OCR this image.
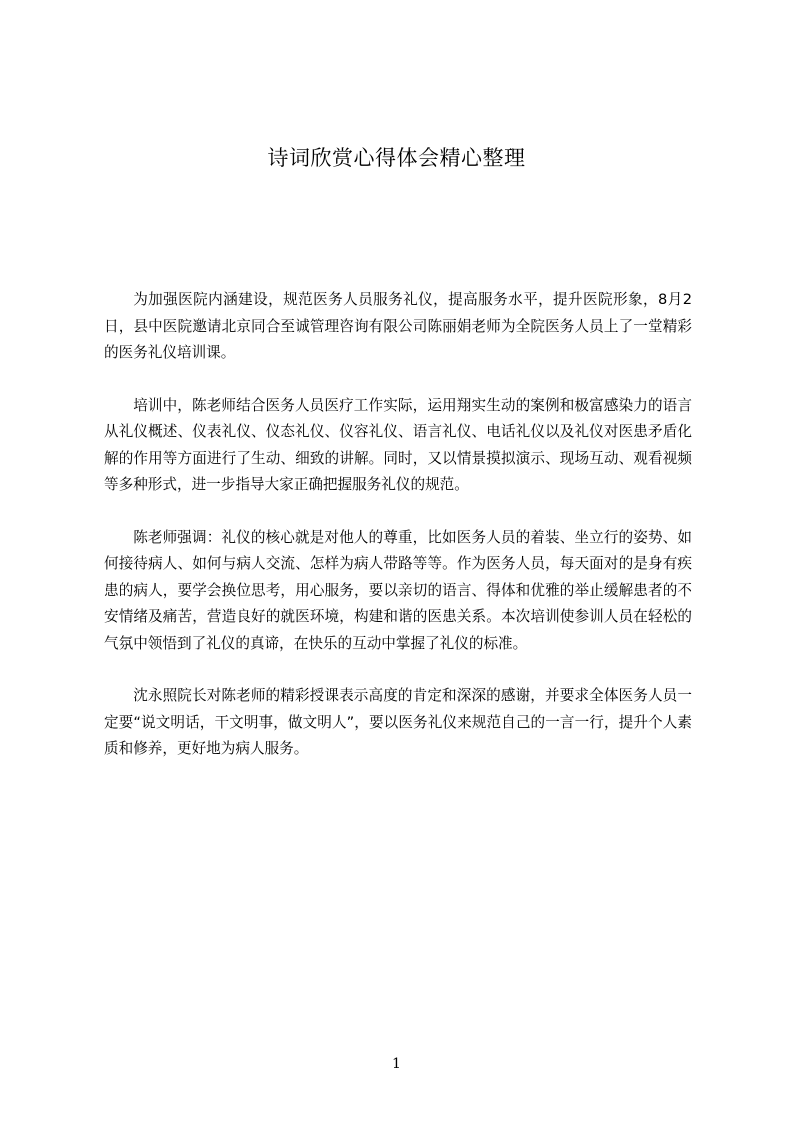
诗词欣赏心得体会精心整理

为加强医院内涵建设，规范医务人员服务礼仪，提高服务水平，提升医院形象，8月2日，县中医院邀请北京同合至诚管理咨询有限公司陈丽娟老师为全院医务人员上了一堂精彩的医务礼仪培训课。

培训中，陈老师结合医务人员医疗工作实际，运用翔实生动的案例和极富感染力的语言从礼仪概述、仪表礼仪、仪态礼仪、仪容礼仪、语言礼仪、电话礼仪以及礼仪对医患矛盾化解的作用等方面进行了生动、细致的讲解。同时，又以情景摸拟演示、现场互动、观看视频等多种形式，进一步指导大家正确把握服务礼仪的规范。

陈老师强调：礼仪的核心就是对他人的尊重，比如医务人员的着装、坐立行的姿势、如何接待病人、如何与病人交流、怎样为病人带路等等。作为医务人员，每天面对的是身有疾患的病人，要学会换位思考，用心服务，要以亲切的语言、得体和优雅的举止缓解患者的不安情绪及痛苦，营造良好的就医环境，构建和谐的医患关系。本次培训使参训人员在轻松的气氛中领悟到了礼仪的真谛，在快乐的互动中掌握了礼仪的标准。

沈永照院长对陈老师的精彩授课表示高度的肯定和深深的感谢，并要求全体医务人员一定要“说文明话，干文明事，做文明人”，要以医务礼仪来规范自己的一言一行，提升个人素质和修养，更好地为病人服务。

1
